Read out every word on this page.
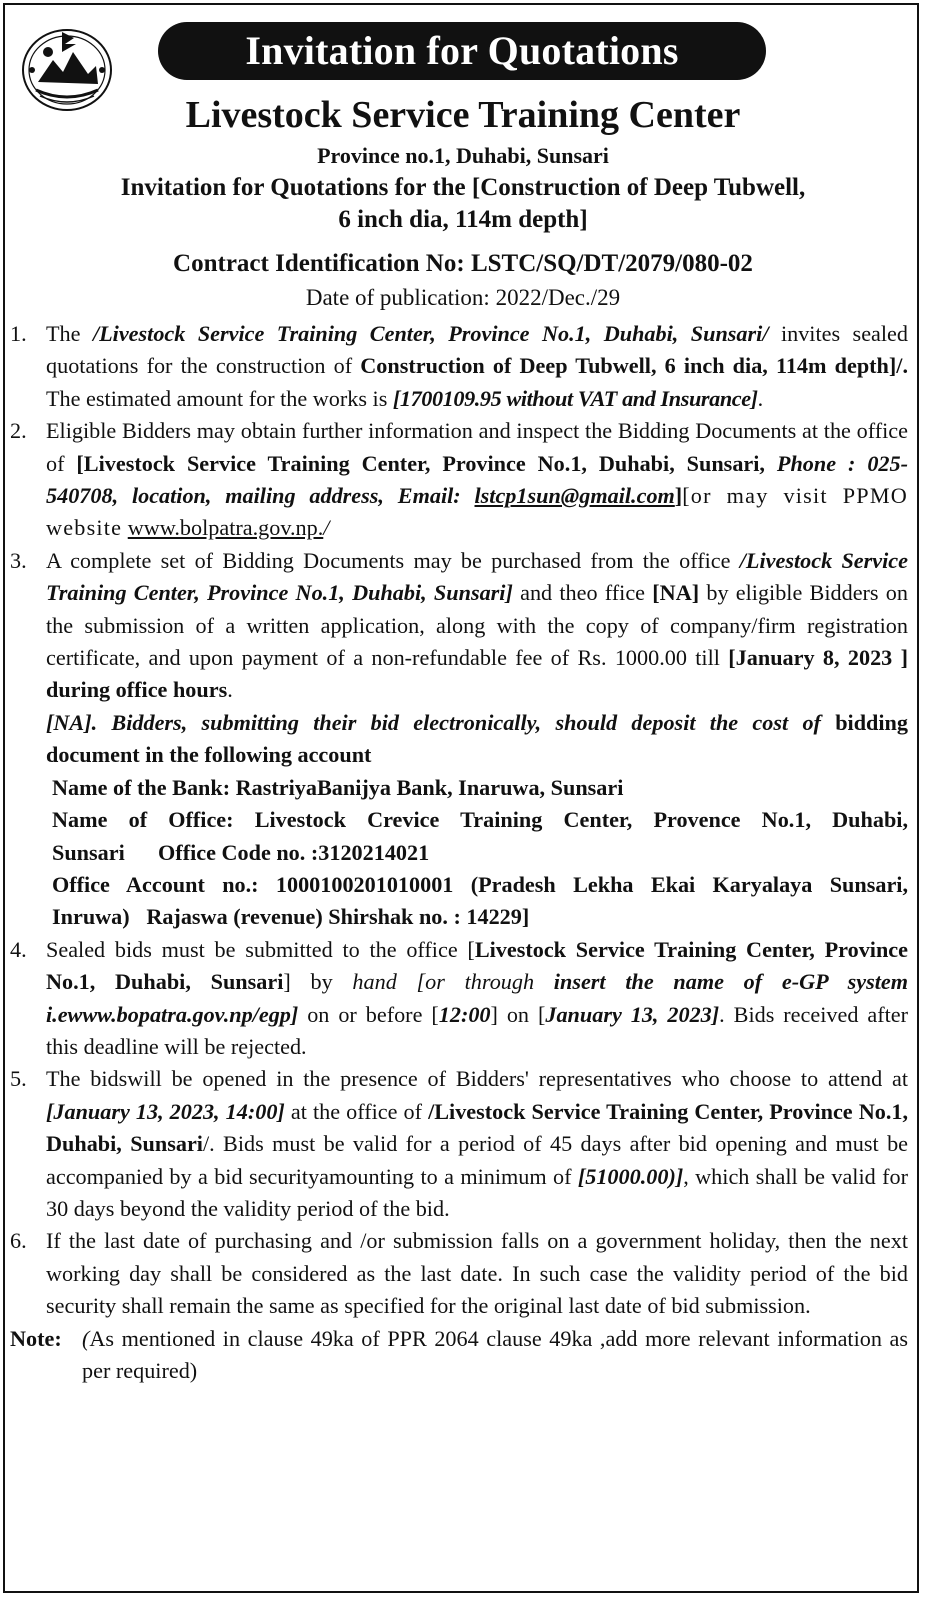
Invitation for Quotations
Livestock Service Training Center
Province no.1, Duhabi, Sunsari
Invitation for Quotations for the [Construction of Deep Tubwell,
6 inch dia, 114m depth]
Contract Identification No: LSTC/SQ/DT/2079/080-02
Date of publication: 2022/Dec./29
1. The /Livestock Service Training Center, Province No.1, Duhabi, Sunsari/ invites sealed quotations for the construction of Construction of Deep Tubwell, 6 inch dia, 114m depth]/. The estimated amount for the works is [1700109.95 without VAT and Insurance].
2. Eligible Bidders may obtain further information and inspect the Bidding Documents at the office of [Livestock Service Training Center, Province No.1, Duhabi, Sunsari, Phone : 025-540708, location, mailing address, Email: lstcp1sun@gmail.com][or may visit PPMO website www.bolpatra.gov.np./
3. A complete set of Bidding Documents may be purchased from the office /Livestock Service Training Center, Province No.1, Duhabi, Sunsari] and theo ffice [NA] by eligible Bidders on the submission of a written application, along with the copy of company/firm registration certificate, and upon payment of a non-refundable fee of Rs. 1000.00 till [January 8, 2023 ] during office hours.
[NA]. Bidders, submitting their bid electronically, should deposit the cost of bidding document in the following account
Name of the Bank: RastriyaBanijya Bank, Inaruwa, Sunsari
Name of Office: Livestock Crevice Training Center, Provence No.1, Duhabi, Sunsari Office Code no. :3120214021
Office Account no.: 1000100201010001 (Pradesh Lekha Ekai Karyalaya Sunsari, Inruwa) Rajaswa (revenue) Shirshak no. : 14229]
4. Sealed bids must be submitted to the office [Livestock Service Training Center, Province No.1, Duhabi, Sunsari] by hand [or through insert the name of e-GP system i.ewww.bopatra.gov.np/egp] on or before [12:00] on [January 13, 2023]. Bids received after this deadline will be rejected.
5. The bidswill be opened in the presence of Bidders' representatives who choose to attend at [January 13, 2023, 14:00] at the office of /Livestock Service Training Center, Province No.1, Duhabi, Sunsari/. Bids must be valid for a period of 45 days after bid opening and must be accompanied by a bid securityamounting to a minimum of [51000.00)], which shall be valid for 30 days beyond the validity period of the bid.
6. If the last date of purchasing and /or submission falls on a government holiday, then the next working day shall be considered as the last date. In such case the validity period of the bid security shall remain the same as specified for the original last date of bid submission.
Note: (As mentioned in clause 49ka of PPR 2064 clause 49ka ,add more relevant information as per required)
